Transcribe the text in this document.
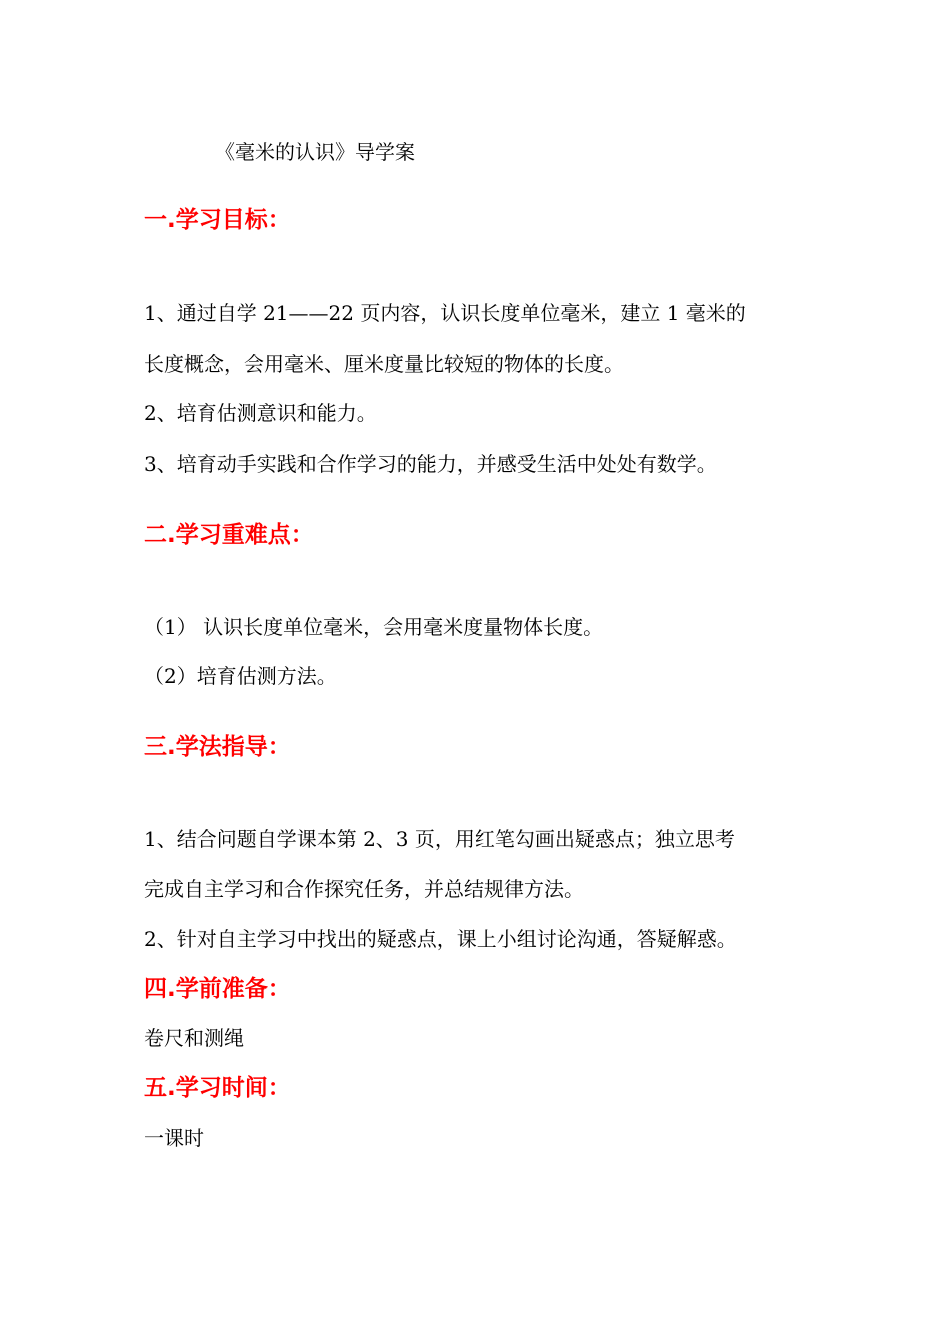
《毫米的认识》导学案
一.学习目标：
1、通过自学 21——22 页内容，认识长度单位毫米，建立 1 毫米的
长度概念，会用毫米、厘米度量比较短的物体的长度。
2、培育估测意识和能力。
3、培育动手实践和合作学习的能力，并感受生活中处处有数学。
二.学习重难点：
（1） 认识长度单位毫米，会用毫米度量物体长度。
（2）培育估测方法。
三.学法指导：
1、结合问题自学课本第 2、3 页，用红笔勾画出疑惑点；独立思考
完成自主学习和合作探究任务，并总结规律方法。
2、针对自主学习中找出的疑惑点，课上小组讨论沟通，答疑解惑。
四.学前准备：
卷尺和测绳
五.学习时间：
一课时
